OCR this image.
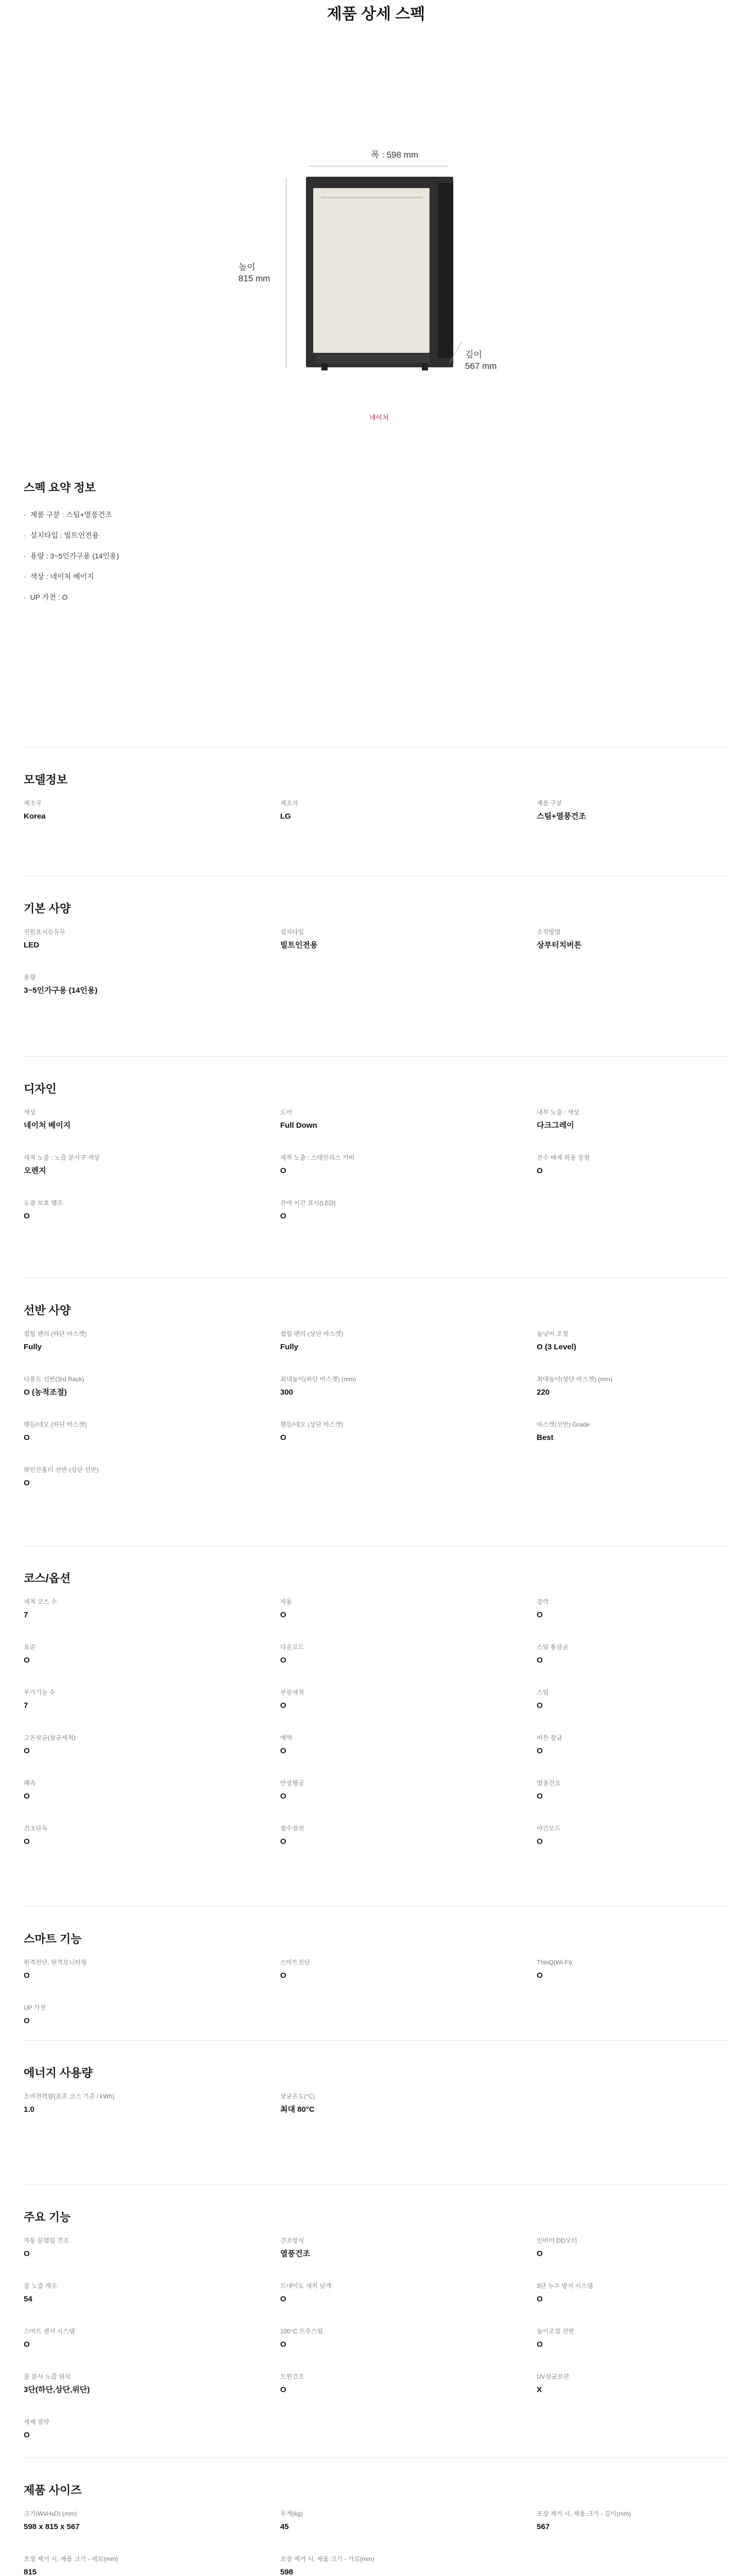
제품 상세 스펙
폭 : 598 mm
높이
815 mm
깊이
567 mm
네이처
스펙 요약 정보
· 제품 구분 : 스팀+열풍건조
· 설치타입 : 빌트인전용
· 용량 : 3~5인가구용 (14인용)
· 색상 : 네이처 베이지
· UP 가전 : O
모델정보
제조국
Korea
제조자
LG
제품 구분
스팀+열풍건조
기본 사양
전원표시등유무
LED
설치타입
빌트인전용
조작방법
상부터치버튼
용량
3~5인가구용 (14인용)
디자인
색상
네이처 베이지
도어
Full Down
내부 노출 : 색상
다크그레이
세척 노출 : 노즐 분사구 색상
오렌지
세척 노출 : 스테인리스 커버
O
잔수 배제 외풍 장점
O
도광 보호 램프
O
잔여 시간 표시(LED)
O
선반 사양
접힘 팬의 (하단 바스켓)
Fully
접힘 팬의 (상단 바스켓)
Fully
높낮이 조절
O (3 Level)
다용도 선반(3rd Rack)
O (농적조절)
최대높이(하단 바스켓) (mm)
300
최대높이(상단 바스켓) (mm)
220
핸들/네모 (하단 바스켓)
O
핸들/네모 (상단 바스켓)
O
바스켓(선반) Grade
Best
와인잔홀더 선반 (상단 선반)
O
코스/옵션
세척 코스 수
7
자동
O
강력
O
표준
O
다운로드
O
스팀 통살균
O
부가기능 수
7
부분세척
O
스팀
O
고온살균(살균세척)
O
예약
O
버튼 잠금
O
쾌속
O
반상헹굼
O
열풍건조
O
건조단독
O
절수절전
O
야간모드
O
스마트 기능
원격진단, 원격모니터링
O
스마트진단
O
ThinQ(Wi-Fi)
O
UP 가전
O
에너지 사용량
소비전력량(표준 코스 기준 / kWh)
1.0
살균온도(°C)
최대 80°C
주요 기능
자동 문열림 건조
O
건조방식
열풍건조
인버터 DD모터
O
물 노즐 개수
54
트네이도 세척 날개
O
3단 누수 방지 시스템
O
스마트 센서 시스템
O
100°C 트루스팀
O
높이조절 선반
O
물 분사 노즐 위치
3단(하단,상단,위단)
트윈건조
O
UV살균보관
X
세제 절약
O
제품 사이즈
크기(WxHxD) (mm)
598 x 815 x 567
무게(kg)
45
포장 제거 시, 제품 크기 - 깊이(mm)
567
포장 제거 시, 제품 크기 - 세로(mm)
815
포장 제거 시, 제품 크기 - 가로(mm)
598
